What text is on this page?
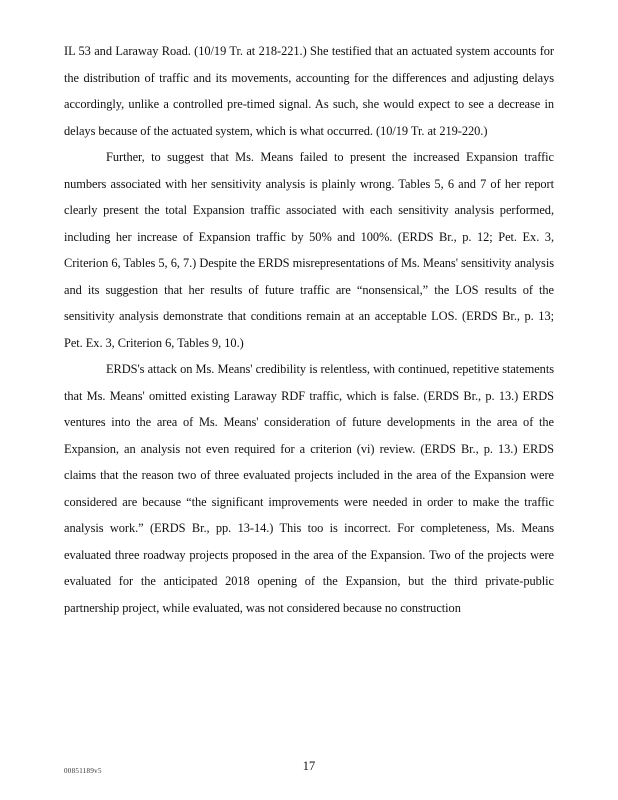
IL 53 and Laraway Road. (10/19 Tr. at 218-221.) She testified that an actuated system accounts for the distribution of traffic and its movements, accounting for the differences and adjusting delays accordingly, unlike a controlled pre-timed signal. As such, she would expect to see a decrease in delays because of the actuated system, which is what occurred. (10/19 Tr. at 219-220.)

Further, to suggest that Ms. Means failed to present the increased Expansion traffic numbers associated with her sensitivity analysis is plainly wrong. Tables 5, 6 and 7 of her report clearly present the total Expansion traffic associated with each sensitivity analysis performed, including her increase of Expansion traffic by 50% and 100%. (ERDS Br., p. 12; Pet. Ex. 3, Criterion 6, Tables 5, 6, 7.) Despite the ERDS misrepresentations of Ms. Means' sensitivity analysis and its suggestion that her results of future traffic are “nonsensical,” the LOS results of the sensitivity analysis demonstrate that conditions remain at an acceptable LOS. (ERDS Br., p. 13; Pet. Ex. 3, Criterion 6, Tables 9, 10.)

ERDS's attack on Ms. Means' credibility is relentless, with continued, repetitive statements that Ms. Means' omitted existing Laraway RDF traffic, which is false. (ERDS Br., p. 13.) ERDS ventures into the area of Ms. Means' consideration of future developments in the area of the Expansion, an analysis not even required for a criterion (vi) review. (ERDS Br., p. 13.) ERDS claims that the reason two of three evaluated projects included in the area of the Expansion were considered are because “the significant improvements were needed in order to make the traffic analysis work.” (ERDS Br., pp. 13-14.) This too is incorrect. For completeness, Ms. Means evaluated three roadway projects proposed in the area of the Expansion. Two of the projects were evaluated for the anticipated 2018 opening of the Expansion, but the third private-public partnership project, while evaluated, was not considered because no construction

00851189v5	17
